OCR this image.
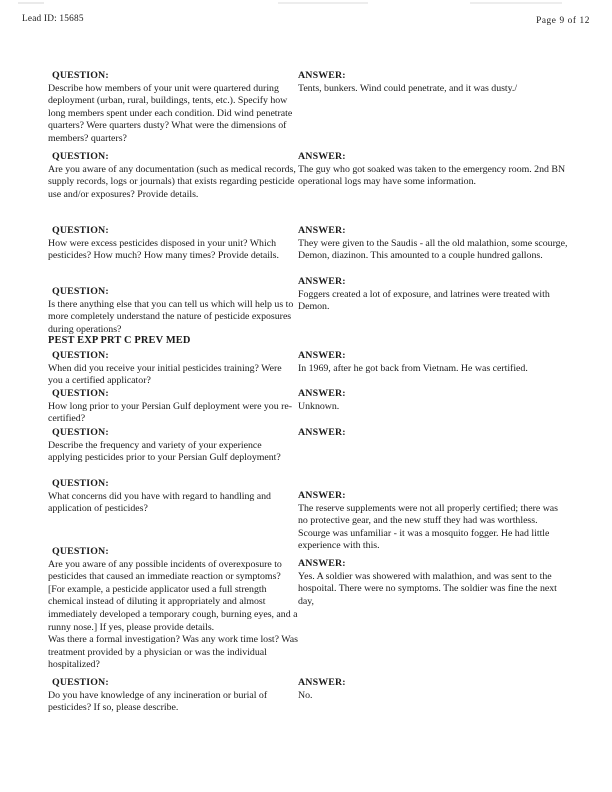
Lead ID: 15685	Page 9 of 12
QUESTION:
Describe how members of your unit were quartered during deployment (urban, rural, buildings, tents, etc.). Specify how long members spent under each condition. Did wind penetrate quarters? Were quarters dusty? What were the dimensions of members? quarters?
QUESTION:
Are you aware of any documentation (such as medical records, supply records, logs or journals) that exists regarding pesticide use and/or exposures? Provide details.
QUESTION:
How were excess pesticides disposed in your unit? Which pesticides? How much? How many times? Provide details.
QUESTION:
Is there anything else that you can tell us which will help us to more completely understand the nature of pesticide exposures during operations?
PEST EXP PRT C PREV MED
QUESTION:
When did you receive your initial pesticides training? Were you a certified applicator?
QUESTION:
How long prior to your Persian Gulf deployment were you re-certified?
QUESTION:
Describe the frequency and variety of your experience applying pesticides prior to your Persian Gulf deployment?
QUESTION:
What concerns did you have with regard to handling and application of pesticides?
QUESTION:
Are you aware of any possible incidents of overexposure to pesticides that caused an immediate reaction or symptoms? [For example, a pesticide applicator used a full strength chemical instead of diluting it appropriately and almost immediately developed a temporary cough, burning eyes, and a runny nose.] If yes, please provide details.
Was there a formal investigation? Was any work time lost? Was treatment provided by a physician or was the individual hospitalized?
QUESTION:
Do you have knowledge of any incineration or burial of pesticides? If so, please describe.
ANSWER:
Tents, bunkers. Wind could penetrate, and it was dusty./
ANSWER:
The guy who got soaked was taken to the emergency room. 2nd BN operational logs may have some information.
ANSWER:
They were given to the Saudis - all the old malathion, some scourge, Demon, diazinon. This amounted to a couple hundred gallons.
ANSWER:
Foggers created a lot of exposure, and latrines were treated with Demon.
ANSWER:
In 1969, after he got back from Vietnam. He was certified.
ANSWER:
Unknown.
ANSWER:
ANSWER:
The reserve supplements were not all properly certified; there was no protective gear, and the new stuff they had was worthless. Scourge was unfamiliar - it was a mosquito fogger. He had little experience with this.
ANSWER:
Yes. A soldier was showered with malathion, and was sent to the hospoital. There were no symptoms. The soldier was fine the next day,
ANSWER:
No.
